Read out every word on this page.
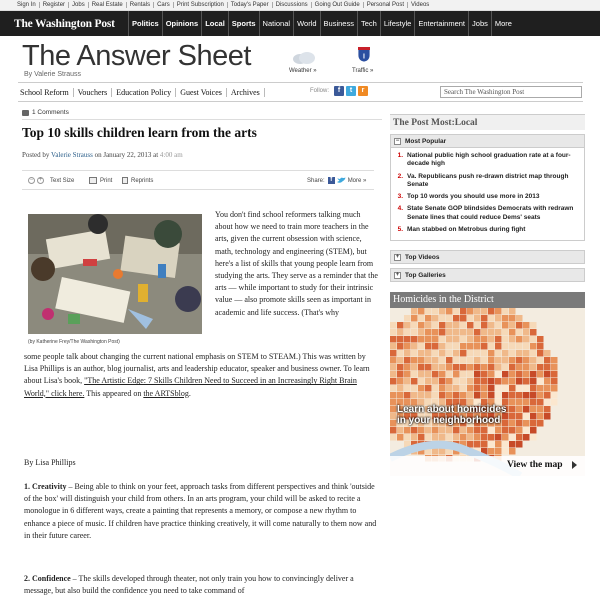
Sign In	Register	Jobs	Real Estate	Rentals	Cars	Print Subscription	Today's Paper	Discussions	Going Out Guide	Personal Post	Videos
The Washington Post	Politics Opinions Local Sports National World Business Tech Lifestyle Entertainment Jobs More
The Answer Sheet
By Valerie Strauss	Weather »
I
Traffic »
School Reform	Vouchers	Education Policy	Guest Voices	Archives	Follow:	f	t	r	Search The Washington Post
1 Comments
Top 10 skills children learn from the arts
Posted by Valerie Strauss on January 22, 2013 at 4:00 am
− + Text Size	Print	Reprints	Share: f	More »
(by Katherine Frey/The Washington Post)
You don't find school reformers talking much about how we need to train more teachers in the arts, given the current obsession with science, math, technology and engineering (STEM), but here's a list of skills that young people learn from studying the arts. They serve as a reminder that the arts — while important to study for their intrinsic value — also promote skills seen as important in academic and life success. (That's why
some people talk about changing the current national emphasis on STEM to STEAM.) This was written by Lisa Phillips is an author, blog journalist, arts and leadership educator, speaker and business owner. To learn about Lisa's book, "The Artistic Edge: 7 Skills Children Need to Succeed in an Increasingly Right Brain World," click here. This appeared on the ARTSblog.
By Lisa Phillips
1. Creativity – Being able to think on your feet, approach tasks from different perspectives and think 'outside of the box' will distinguish your child from others. In an arts program, your child will be asked to recite a monologue in 6 different ways, create a painting that represents a memory, or compose a new rhythm to enhance a piece of music. If children have practice thinking creatively, it will come naturally to them now and in their future career.
2. Confidence – The skills developed through theater, not only train you how to convincingly deliver a message, but also build the confidence you need to take command of
The Post Most:Local
− Most Popular
1. National public high school graduation rate at a four-decade high
2. Va. Republicans push re-drawn district map through Senate
3. Top 10 words you should use more in 2013
4. State Senate GOP blindsides Democrats with redrawn Senate lines that could reduce Dems' seats
5. Man stabbed on Metrobus during fight
+ Top Videos
+ Top Galleries
Homicides in the District
Learn about homicides in your neighborhood
View the map
